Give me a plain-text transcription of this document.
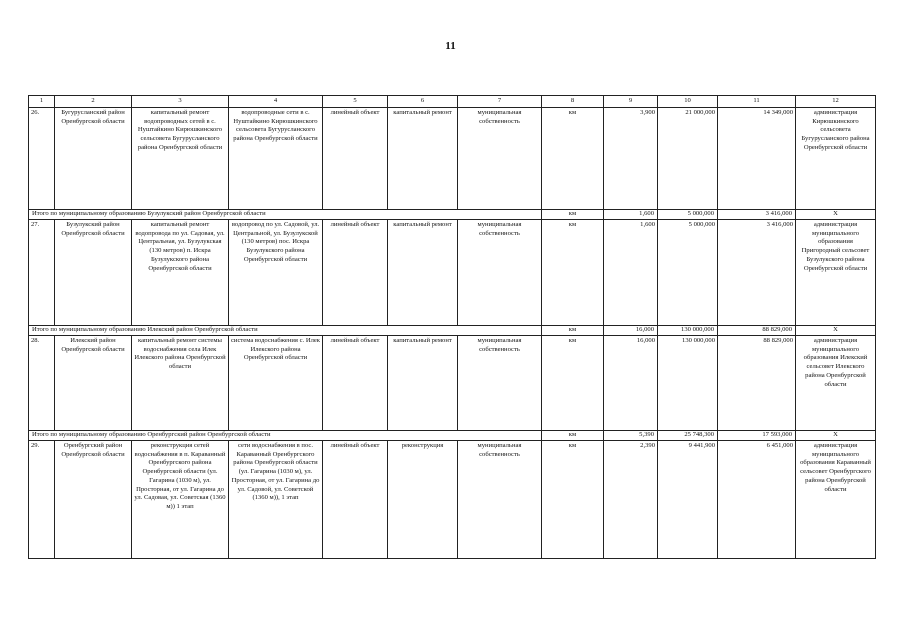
11
1	2	3	4	5	6	7	8	9	10	11	12
26.	Бугурусланский район Оренбургской области	капитальный ремонт водопроводных сетей в с. Нуштайкино Кирюшкинского сельсовета Бугурусланского района Оренбургской области	водопроводные сети в с. Нуштайкино Кирюшкинского сельсовета Бугурусланского района Оренбургской области	линейный объект	капитальный ремонт	муниципальная собственность	км	3,900	21 000,000	14 349,000	администрация Кирюшкинского сельсовета Бугурусланского района Оренбургской области
Итого по муниципальному образованию Бузулукский район Оренбургской области							км	1,600	5 000,000	3 416,000	Х
27.	Бузулукский район Оренбургской области	капитальный ремонт водопровода по ул. Садовая, ул. Центральная, ул. Бузулукская (130 метров) п. Искра Бузулукского района Оренбургской области	водопровод по ул. Садовой, ул. Центральной, ул. Бузулукской (130 метров) пос. Искра Бузулукского района Оренбургской области	линейный объект	капитальный ремонт	муниципальная собственность	км	1,600	5 000,000	3 416,000	администрация муниципального образования Пригородный сельсовет Бузулукского района Оренбургской области
Итого по муниципальному образованию Илекский район Оренбургской области							км	16,000	130 000,000	88 829,000	Х
28.	Илекский район Оренбургской области	капитальный ремонт системы водоснабжения села Илек Илекского района Оренбургской области	система водоснабжения с. Илек Илекского района Оренбургской области	линейный объект	капитальный ремонт	муниципальная собственность	км	16,000	130 000,000	88 829,000	администрация муниципального образования Илекский сельсовет Илекского района Оренбургской области
Итого по муниципальному образованию Оренбургский район Оренбургской области							км	5,390	25 748,300	17 593,000	Х
29.	Оренбургский район Оренбургской области	реконструкция сетей водоснабжения в п. Караванный Оренбургского района Оренбургской области (ул. Гагарина (1030 м), ул. Просторная, от ул. Гагарина до ул. Садовая, ул. Советская (1360 м)) 1 этап	сети водоснабжения в пос. Караванный Оренбургского района Оренбургской области (ул. Гагарина (1030 м), ул. Просторная, от ул. Гагарина до ул. Садовой, ул. Советской (1360 м)), 1 этап	линейный объект	реконструкция	муниципальная собственность	км	2,390	9 441,900	6 451,000	администрация муниципального образования Караванный сельсовет Оренбургского района Оренбургской области
